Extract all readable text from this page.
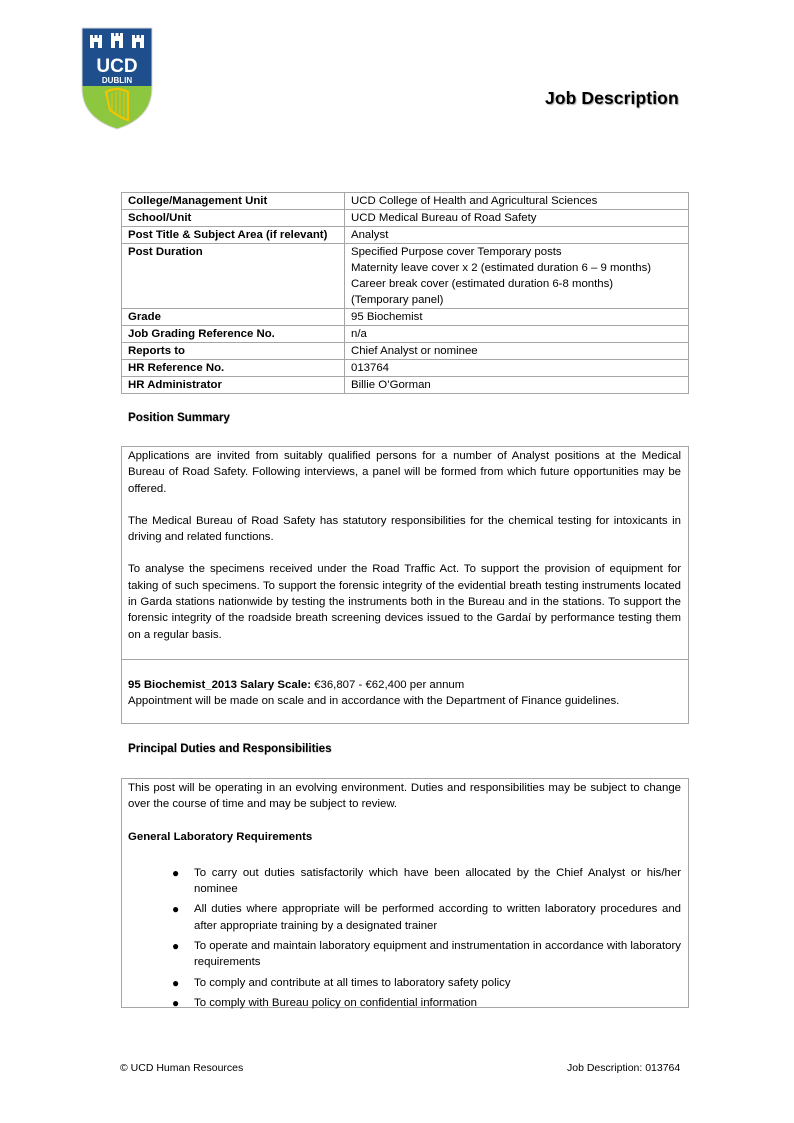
UCD
DUBLIN
Job Description
College/Management Unit	UCD College of Health and Agricultural Sciences
School/Unit	UCD Medical Bureau of Road Safety
Post Title & Subject Area (if relevant)	Analyst
Post Duration	Specified Purpose cover Temporary posts
Maternity leave cover x 2 (estimated duration 6 – 9 months)
Career break cover (estimated duration 6-8 months)
(Temporary panel)

Grade	95 Biochemist
Job Grading Reference No.	n/a
Reports to	Chief Analyst or nominee
HR Reference No.	013764
HR Administrator	Billie O’Gorman
Position Summary

Applications are invited from suitably qualified persons for a number of Analyst positions at the Medical Bureau of Road Safety. Following interviews, a panel will be formed from which future opportunities may be offered.

The Medical Bureau of Road Safety has statutory responsibilities for the chemical testing for intoxicants in driving and related functions.

To analyse the specimens received under the Road Traffic Act. To support the provision of equipment for taking of such specimens. To support the forensic integrity of the evidential breath testing instruments located in Garda stations nationwide by testing the instruments both in the Bureau and in the stations. To support the forensic integrity of the roadside breath screening devices issued to the Gardaí by performance testing them on a regular basis.

95 Biochemist_2013 Salary Scale: €36,807 - €62,400 per annum

Appointment will be made on scale and in accordance with the Department of Finance guidelines.

Principal Duties and Responsibilities

This post will be operating in an evolving environment. Duties and responsibilities may be subject to change over the course of time and may be subject to review.

General Laboratory Requirements

● To carry out duties satisfactorily which have been allocated by the Chief Analyst or his/her nominee
● All duties where appropriate will be performed according to written laboratory procedures and after appropriate training by a designated trainer
● To operate and maintain laboratory equipment and instrumentation in accordance with laboratory requirements
● To comply and contribute at all times to laboratory safety policy
● To comply with Bureau policy on confidential information
© UCD Human Resources	Job Description: 013764
